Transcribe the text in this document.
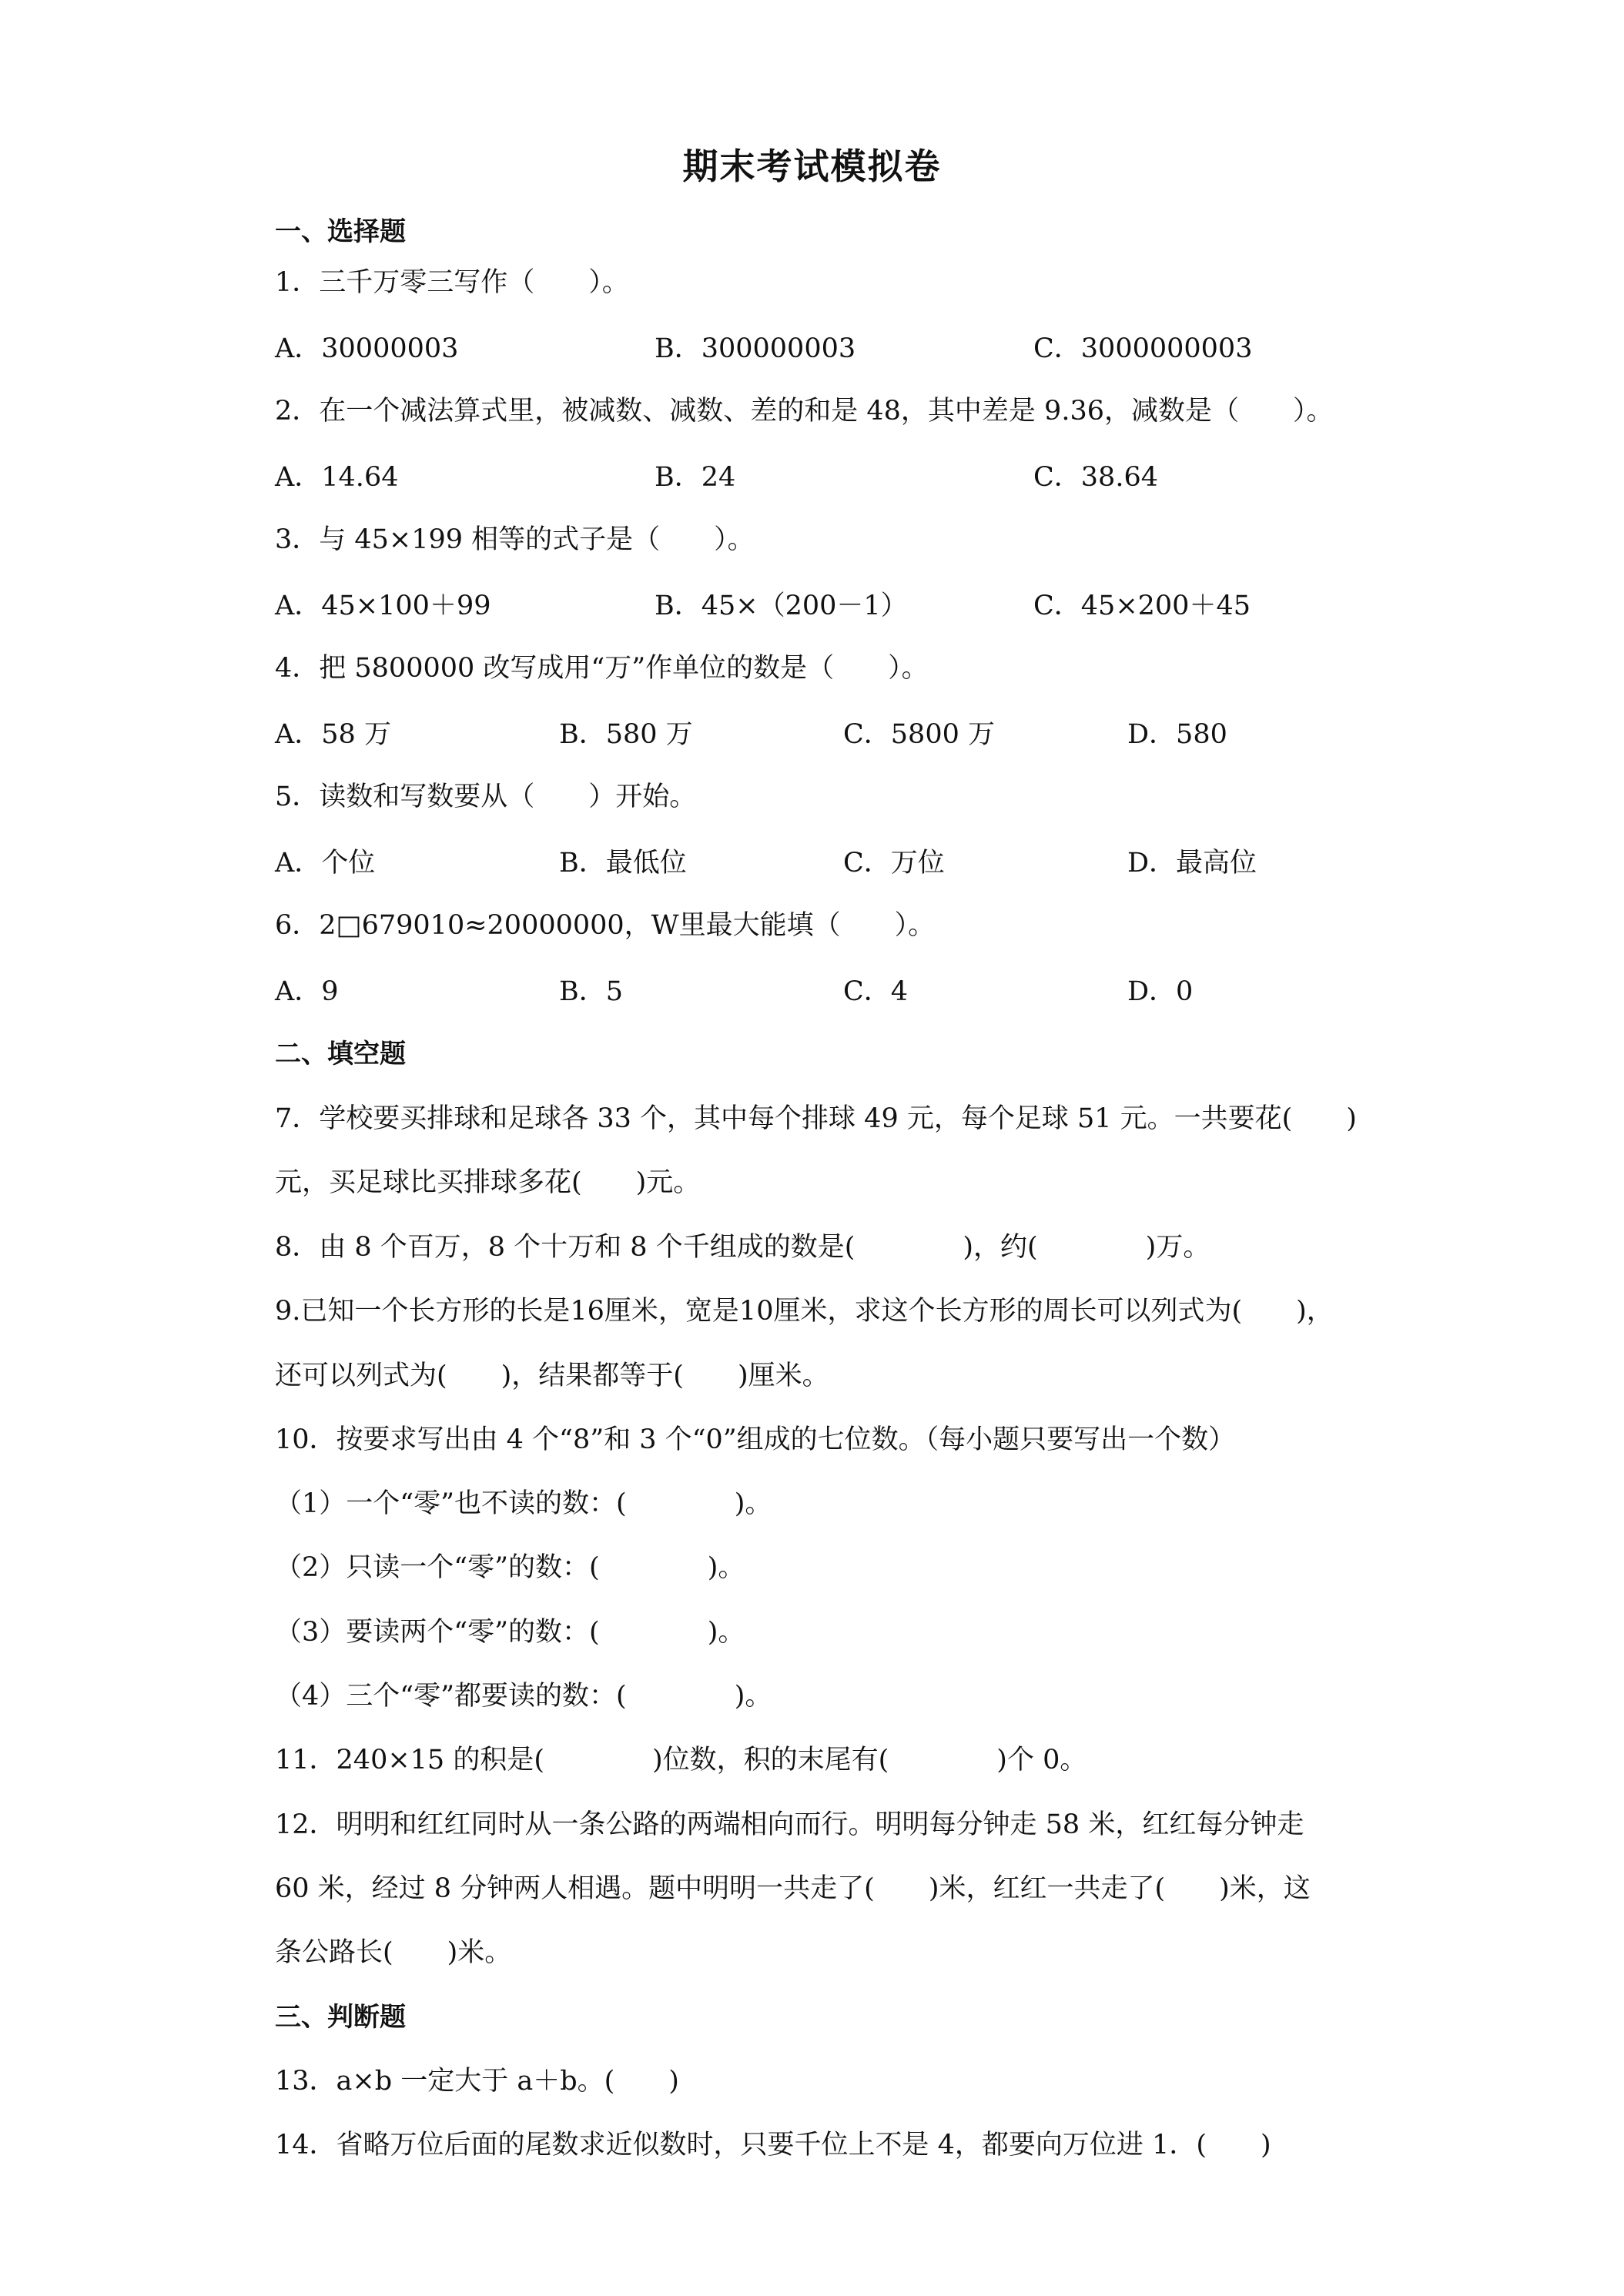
期末考试模拟卷
一、选择题
1．三千万零三写作（　　）。
A．30000003	B．300000003	C．3000000003
2．在一个减法算式里，被减数、减数、差的和是 48，其中差是 9.36，减数是（　　）。
A．14.64	B．24	C．38.64
3．与 45×199 相等的式子是（　　）。
A．45×100＋99	B．45×（200－1）	C．45×200＋45
4．把 5800000 改写成用“万”作单位的数是（　　）。
A．58 万	B．580 万	C．5800 万	D．580
5．读数和写数要从（　　）开始。
A．个位	B．最低位	C．万位	D．最高位
6．2□679010≈20000000，W里最大能填（　　）。
A．9	B．5	C．4	D．0
二、填空题
7．学校要买排球和足球各 33 个，其中每个排球 49 元，每个足球 51 元。一共要花(　　)
元，买足球比买排球多花(　　)元。
8．由 8 个百万，8 个十万和 8 个千组成的数是(　　　　)，约(　　　　)万。
9.已知一个长方形的长是16厘米，宽是10厘米，求这个长方形的周长可以列式为(　　)，
还可以列式为(　　)，结果都等于(　　)厘米。
10．按要求写出由 4 个“8”和 3 个“0”组成的七位数。（每小题只要写出一个数）
（1）一个“零”也不读的数：(　　　　)。
（2）只读一个“零”的数：(　　　　)。
（3）要读两个“零”的数：(　　　　)。
（4）三个“零”都要读的数：(　　　　)。
11．240×15 的积是(　　　　)位数，积的末尾有(　　　　)个 0。
12．明明和红红同时从一条公路的两端相向而行。明明每分钟走 58 米，红红每分钟走
60 米，经过 8 分钟两人相遇。题中明明一共走了(　　)米，红红一共走了(　　)米，这
条公路长(　　)米。
三、判断题
13．a×b 一定大于 a＋b。(　　)
14．省略万位后面的尾数求近似数时，只要千位上不是 4，都要向万位进 1．(　　)
